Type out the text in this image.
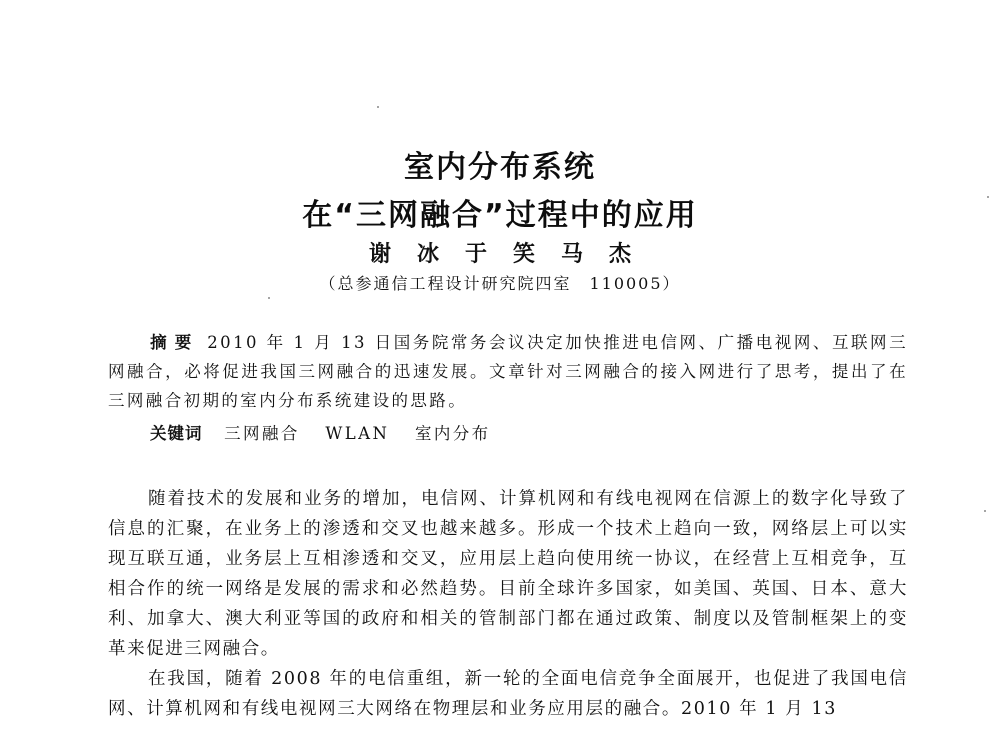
室内分布系统
在“三网融合”过程中的应用
谢冰于笑马杰
（总参通信工程设计研究院四室　110005）

摘要 2010 年 1 月 13 日国务院常务会议决定加快推进电信网、广播电视网、互联网三网融合，必将促进我国三网融合的迅速发展。文章针对三网融合的接入网进行了思考，提出了在三网融合初期的室内分布系统建设的思路。

关键词 三网融合 WLAN 室内分布

随着技术的发展和业务的增加，电信网、计算机网和有线电视网在信源上的数字化导致了信息的汇聚，在业务上的渗透和交叉也越来越多。形成一个技术上趋向一致，网络层上可以实现互联互通，业务层上互相渗透和交叉，应用层上趋向使用统一协议，在经营上互相竞争，互相合作的统一网络是发展的需求和必然趋势。目前全球许多国家，如美国、英国、日本、意大利、加拿大、澳大利亚等国的政府和相关的管制部门都在通过政策、制度以及管制框架上的变革来促进三网融合。

在我国，随着 2008 年的电信重组，新一轮的全面电信竞争全面展开，也促进了我国电信网、计算机网和有线电视网三大网络在物理层和业务应用层的融合。2010 年 1 月 13
